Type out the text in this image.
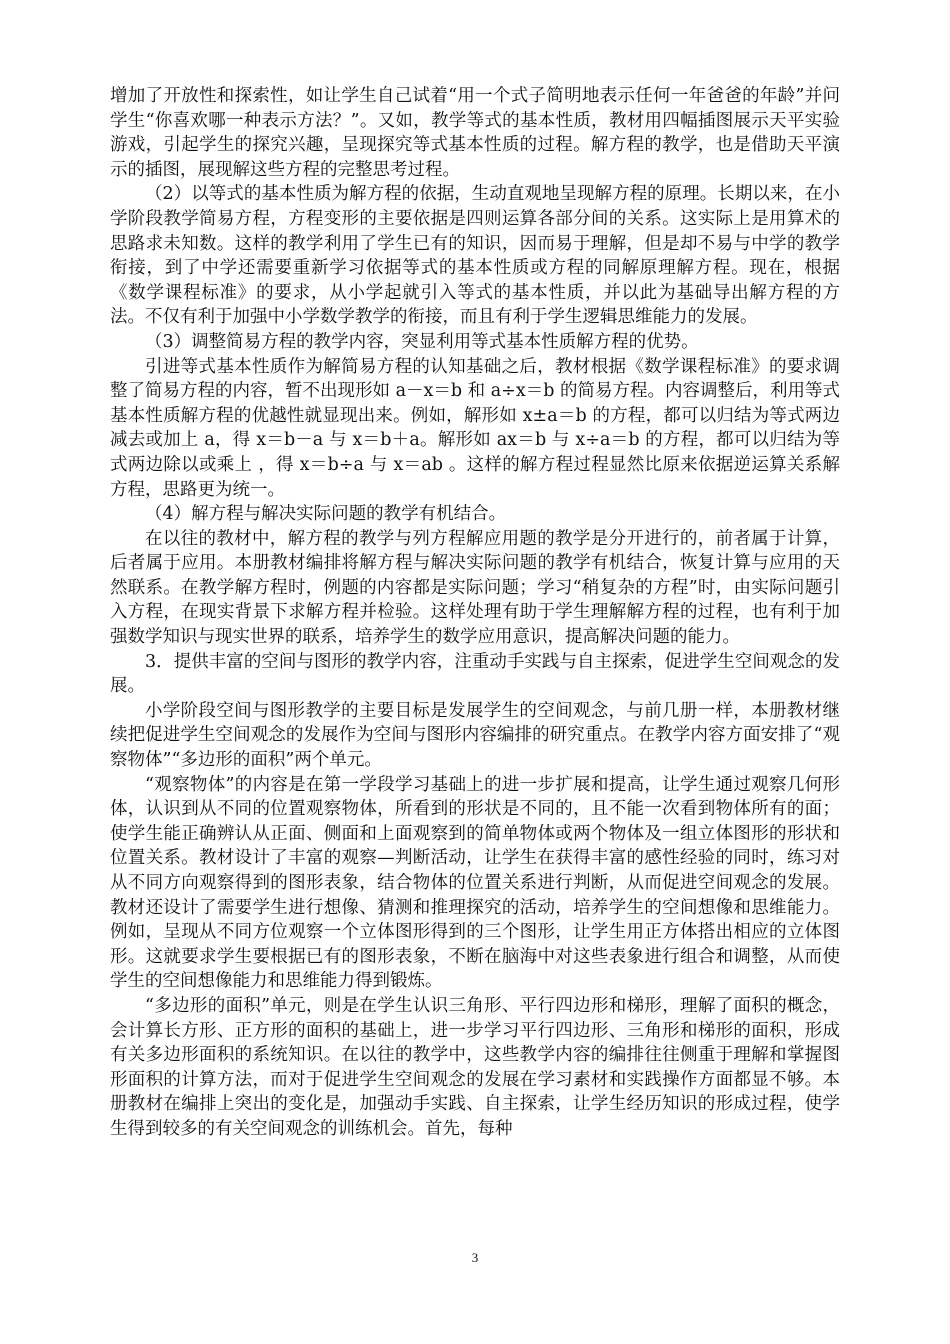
增加了开放性和探索性，如让学生自己试着“用一个式子简明地表示任何一年爸爸的年龄”并问学生“你喜欢哪一种表示方法？”。又如，教学等式的基本性质，教材用四幅插图展示天平实验游戏，引起学生的探究兴趣，呈现探究等式基本性质的过程。解方程的教学，也是借助天平演示的插图，展现解这些方程的完整思考过程。

（2）以等式的基本性质为解方程的依据，生动直观地呈现解方程的原理。长期以来，在小学阶段教学简易方程，方程变形的主要依据是四则运算各部分间的关系。这实际上是用算术的思路求未知数。这样的教学利用了学生已有的知识，因而易于理解，但是却不易与中学的教学衔接，到了中学还需要重新学习依据等式的基本性质或方程的同解原理解方程。现在，根据《数学课程标准》的要求，从小学起就引入等式的基本性质，并以此为基础导出解方程的方法。不仅有利于加强中小学数学教学的衔接，而且有利于学生逻辑思维能力的发展。

（3）调整简易方程的教学内容，突显利用等式基本性质解方程的优势。

引进等式基本性质作为解简易方程的认知基础之后，教材根据《数学课程标准》的要求调整了简易方程的内容，暂不出现形如 a－x＝b 和 a÷x＝b 的简易方程。内容调整后，利用等式基本性质解方程的优越性就显现出来。例如，解形如 x±a＝b 的方程，都可以归结为等式两边减去或加上 a，得 x＝b－a 与 x＝b＋a。解形如 ax＝b 与 x÷a＝b 的方程，都可以归结为等式两边除以或乘上 ，得 x＝b÷a 与 x＝ab 。这样的解方程过程显然比原来依据逆运算关系解方程，思路更为统一。

（4）解方程与解决实际问题的教学有机结合。

在以往的教材中，解方程的教学与列方程解应用题的教学是分开进行的，前者属于计算，后者属于应用。本册教材编排将解方程与解决实际问题的教学有机结合，恢复计算与应用的天然联系。在教学解方程时，例题的内容都是实际问题；学习“稍复杂的方程”时，由实际问题引入方程，在现实背景下求解方程并检验。这样处理有助于学生理解解方程的过程，也有利于加强数学知识与现实世界的联系，培养学生的数学应用意识，提高解决问题的能力。

3．提供丰富的空间与图形的教学内容，注重动手实践与自主探索，促进学生空间观念的发展。

小学阶段空间与图形教学的主要目标是发展学生的空间观念，与前几册一样，本册教材继续把促进学生空间观念的发展作为空间与图形内容编排的研究重点。在教学内容方面安排了“观察物体”“多边形的面积”两个单元。

“观察物体”的内容是在第一学段学习基础上的进一步扩展和提高，让学生通过观察几何形体，认识到从不同的位置观察物体，所看到的形状是不同的，且不能一次看到物体所有的面；使学生能正确辨认从正面、侧面和上面观察到的简单物体或两个物体及一组立体图形的形状和位置关系。教材设计了丰富的观察—判断活动，让学生在获得丰富的感性经验的同时，练习对从不同方向观察得到的图形表象，结合物体的位置关系进行判断，从而促进空间观念的发展。教材还设计了需要学生进行想像、猜测和推理探究的活动，培养学生的空间想像和思维能力。例如，呈现从不同方位观察一个立体图形得到的三个图形，让学生用正方体搭出相应的立体图形。这就要求学生要根据已有的图形表象，不断在脑海中对这些表象进行组合和调整，从而使学生的空间想像能力和思维能力得到锻炼。

“多边形的面积”单元，则是在学生认识三角形、平行四边形和梯形，理解了面积的概念，会计算长方形、正方形的面积的基础上，进一步学习平行四边形、三角形和梯形的面积，形成有关多边形面积的系统知识。在以往的教学中，这些教学内容的编排往往侧重于理解和掌握图形面积的计算方法，而对于促进学生空间观念的发展在学习素材和实践操作方面都显不够。本册教材在编排上突出的变化是，加强动手实践、自主探索，让学生经历知识的形成过程，使学生得到较多的有关空间观念的训练机会。首先，每种

3
